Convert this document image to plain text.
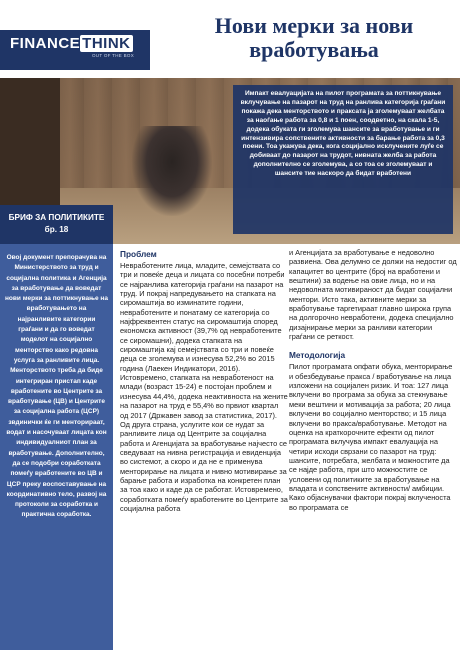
FINANCE THINK
OUT OF THE BOX
Нови мерки за нови вработувања
Импакт евалуацијата на пилот програмата за поттикнување вклучување на пазарот на труд на ранлива категорија граѓани покажа дека менторството и праксата ја зголемуваат желбата за наоѓање работа за 0,8 и 1 поен, соодветно, на скала 1-5, додека обуката ги зголемува шансите за вработување и ги интензивира сопствените активности за барање работа за 0,3 поени. Тоа укажува дека, кога социјално исклучените луѓе се добиваат до пазарот на трудот, нивната желба за работа дополнително се зголемува, а со тоа се зголемуваат и шансите тие наскоро да бидат вработени
БРИФ ЗА ПОЛИТИКИТЕ
бр. 18

Овој документ препорачува на Министерството за труд и социјална политика и Агенција за вработување да воведат нови мерки за поттикнување на вработувањето на најранливите категории граѓани и да го воведат моделот на социјално менторство како редовна услуга за ранливите лица. Менторството треба да биде интегриран пристап каде вработените во Центрите за вработување (ЦВ) и Центрите за социјална работа (ЦСР) звдинички ќе ги менторираат, водат и насочуваат лицата кон индивидуалниот план за вработување. Дополнително, да се подобри соработката помеѓу вработените во ЦВ и ЦСР преку воспоставување на координативно тело, развој на протоколи за соработка и практична соработка.

Проблем

Невработените лица, младите, семејствата со три и повеќе деца и лицата со посебни потреби се најранлива категорија граѓани на пазарот на труд. И покрај напредувањето на стапката на сиромаштија во изминатите години, невработените и понатаму се категорија со најфреквентен статус на сиромаштија според економска активност (39,7% од невработените се сиромашни), додека стапката на сиромаштија кај семејствата со три и повеќе деца се зголемува и изнесува 52,2% во 2015 година (Лаекен Индикатори, 2016). Истовремено, стапката на невработеност на млади (возраст 15-24) е постојан проблем и изнесува 44,4%, додека неактивноста на жените на пазарот на труд е 55,4% во првиот квартал од 2017 (Државен завод за статистика, 2017). Од друга страна, услугите кои се нудат за ранливите лица од Центрите за социјална работа и Агенцијата за вработување најчесто се сведуваат на нивна регистрација и евиденција во системот, а скоро и да не е применува менторирање на лицата и нивно мотивирање за барање работа и изработка на конкретен план за тоа како и каде да се работат. Истовремено, соработката помеѓу вработените во Центрите за социјална работа

и Агенцијата за вработување е недоволно развиена. Ова делумно се должи на недостиг од капацитет во центрите (број на вработени и вештини) за водење на овие лица, но и на недоволната мотивираност да бидат социјални ментори. Исто така, активните мерки за вработување таргетираат главно широка група на долгорочно невработени, додека специјално дизајнирање мерки за ранливи категории граѓани се реткост.

Методологија

Пилот програмата опфати обука, менторирање и обезбедување пракса / вработување на лица изложени на социјален ризик. И тоа: 127 лица вклучени во програма за обука за стекнување меки вештини и мотивација за работа; 20 лица вклучени во социјално менторство; и 15 лица вклучени во пракса/вработување. Методот на оценка на краткорочните ефекти од пилот програмата вклучува импакт евалуација на четири исходи сврзани со пазарот на труд: шансите, потребата, желбата и можностите да се најде работа, при што можностите се условени од политиките за вработување на владата и сопствените активности/ амбиции. Како објаснувачки фактори покрај вклученоста во програмата се
